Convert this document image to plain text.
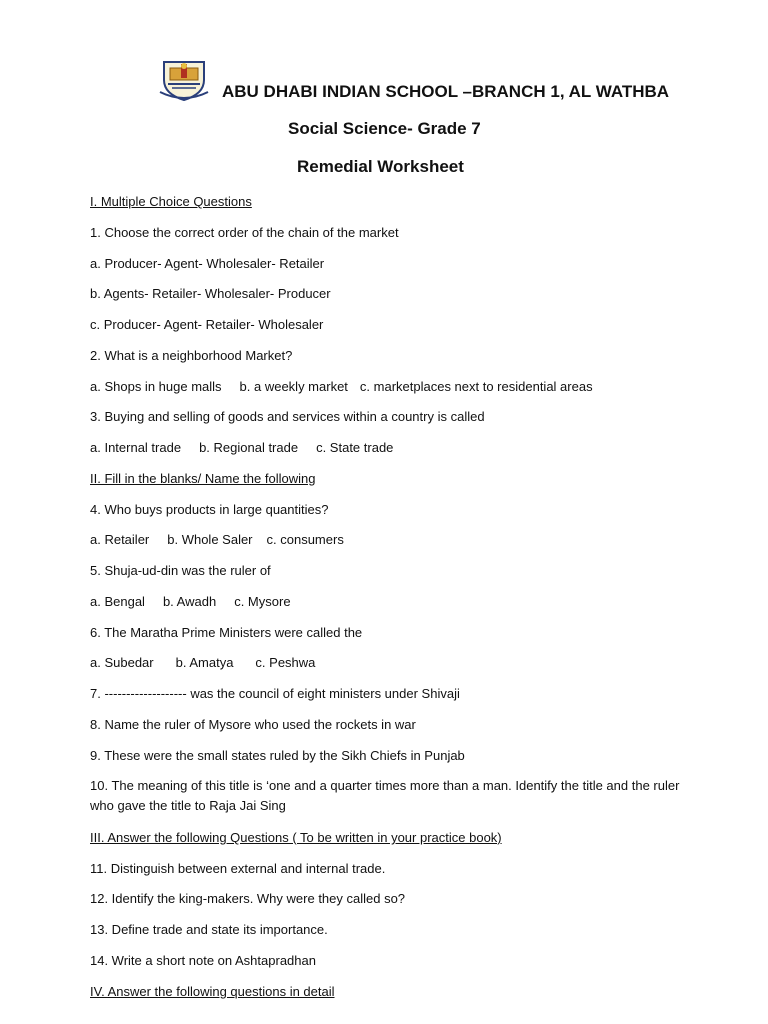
ABU DHABI INDIAN SCHOOL –BRANCH 1, AL WATHBA
Social Science- Grade 7
Remedial Worksheet
I. Multiple Choice Questions
1. Choose the correct order of the chain of the market
a. Producer- Agent- Wholesaler- Retailer
b. Agents- Retailer- Wholesaler- Producer
c. Producer- Agent- Retailer- Wholesaler
2. What is a neighborhood Market?
a. Shops in huge malls b. a weekly market c. marketplaces next to residential areas
3. Buying and selling of goods and services within a country is called
a. Internal trade b. Regional trade c. State trade
II. Fill in the blanks/ Name the following
4. Who buys products in large quantities?
a. Retailer b. Whole Saler c. consumers
5. Shuja-ud-din was the ruler of
a. Bengal b. Awadh c. Mysore
6. The Maratha Prime Ministers were called the
a. Subedar b. Amatya c. Peshwa
7. ------------------- was the council of eight ministers under Shivaji
8. Name the ruler of Mysore who used the rockets in war
9. These were the small states ruled by the Sikh Chiefs in Punjab
10. The meaning of this title is ‘one and a quarter times more than a man. Identify the title and the ruler who gave the title to Raja Jai Sing
III. Answer the following Questions ( To be written in your practice book)
11. Distinguish between external and internal trade.
12. Identify the king-makers. Why were they called so?
13. Define trade and state its importance.
14. Write a short note on Ashtapradhan
IV. Answer the following questions in detail
